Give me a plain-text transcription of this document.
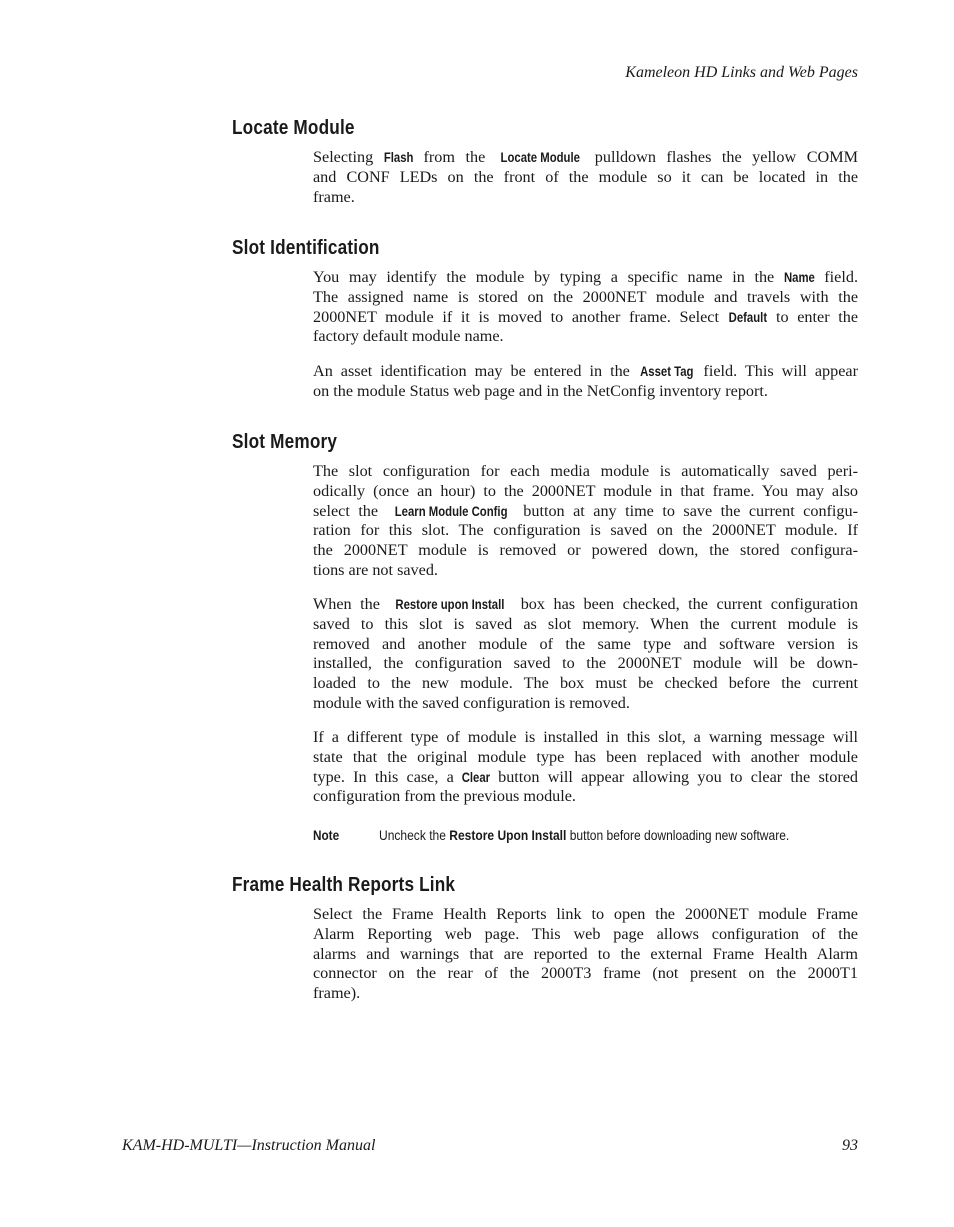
Kameleon HD Links and Web Pages
Locate Module
Selecting Flash from the Locate Module pulldown flashes the yellow COMM
and CONF LEDs on the front of the module so it can be located in the
frame.
Slot Identification
You may identify the module by typing a specific name in the Name field.
The assigned name is stored on the 2000NET module and travels with the
2000NET module if it is moved to another frame. Select Default to enter the
factory default module name.
An asset identification may be entered in the Asset Tag field. This will appear
on the module Status web page and in the NetConfig inventory report.
Slot Memory
The slot configuration for each media module is automatically saved peri-
odically (once an hour) to the 2000NET module in that frame. You may also
select the Learn Module Config button at any time to save the current configu-
ration for this slot. The configuration is saved on the 2000NET module. If
the 2000NET module is removed or powered down, the stored configura-
tions are not saved.
When the Restore upon Install box has been checked, the current configuration
saved to this slot is saved as slot memory. When the current module is
removed and another module of the same type and software version is
installed, the configuration saved to the 2000NET module will be down-
loaded to the new module. The box must be checked before the current
module with the saved configuration is removed.
If a different type of module is installed in this slot, a warning message will
state that the original module type has been replaced with another module
type. In this case, a Clear button will appear allowing you to clear the stored
configuration from the previous module.
Note	Uncheck the Restore Upon Install button before downloading new software.
Frame Health Reports Link
Select the Frame Health Reports link to open the 2000NET module Frame
Alarm Reporting web page. This web page allows configuration of the
alarms and warnings that are reported to the external Frame Health Alarm
connector on the rear of the 2000T3 frame (not present on the 2000T1
frame).
KAM-HD-MULTI—Instruction Manual	93
